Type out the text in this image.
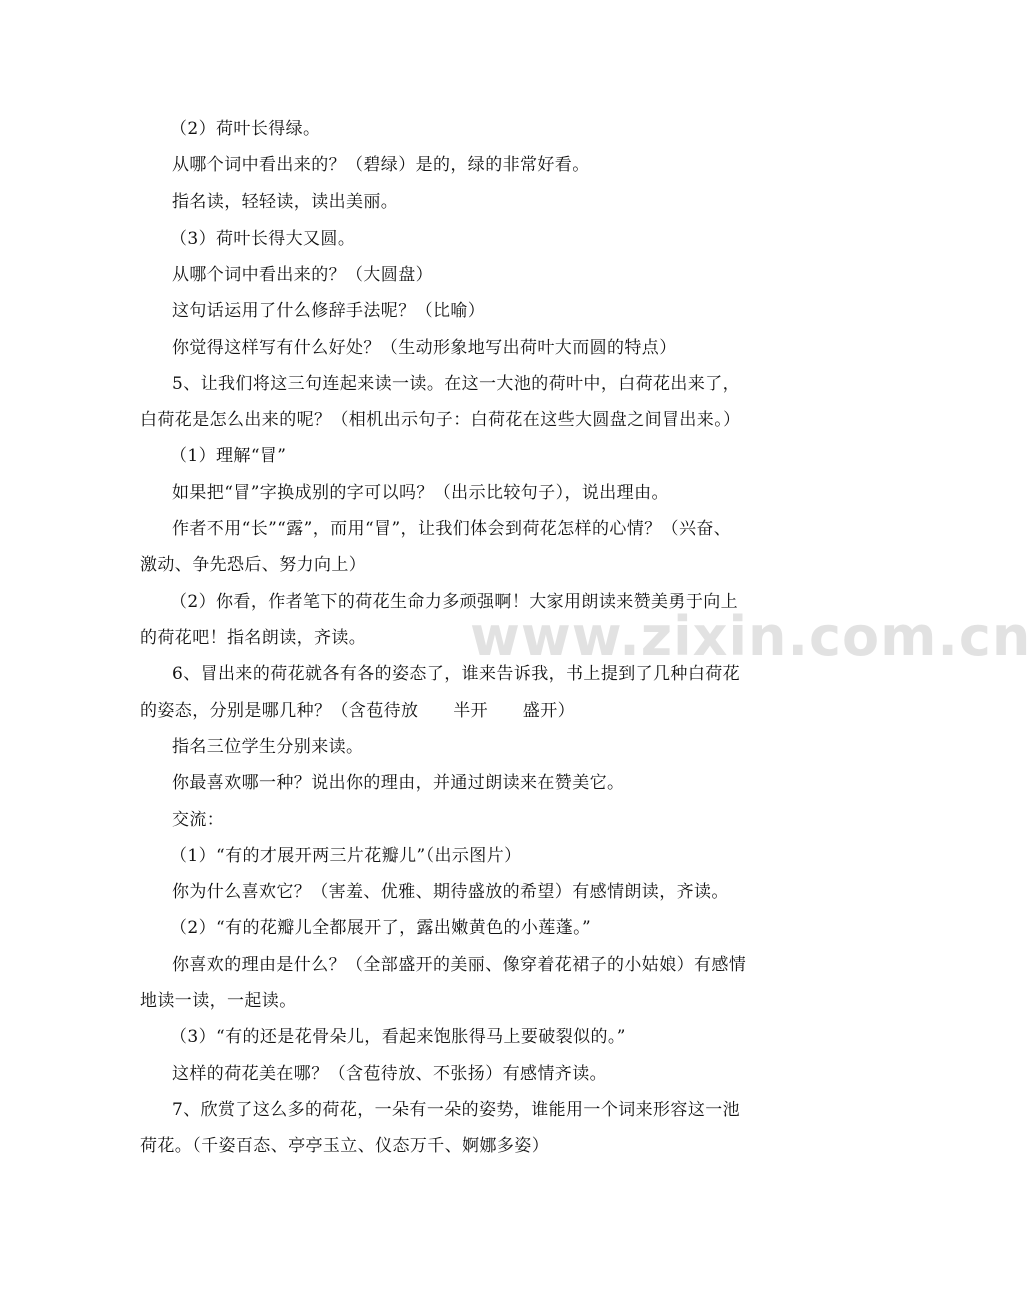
www.zixin.com.cn
（2）荷叶长得绿。
从哪个词中看出来的？（碧绿）是的，绿的非常好看。
指名读，轻轻读，读出美丽。
（3）荷叶长得大又圆。
从哪个词中看出来的？（大圆盘）
这句话运用了什么修辞手法呢？（比喻）
你觉得这样写有什么好处？（生动形象地写出荷叶大而圆的特点）
5、让我们将这三句连起来读一读。在这一大池的荷叶中，白荷花出来了，
白荷花是怎么出来的呢？（相机出示句子：白荷花在这些大圆盘之间冒出来。）
（1）理解“冒”
如果把“冒”字换成别的字可以吗？（出示比较句子），说出理由。
作者不用“长”“露”，而用“冒”，让我们体会到荷花怎样的心情？（兴奋、
激动、争先恐后、努力向上）
（2）你看，作者笔下的荷花生命力多顽强啊！大家用朗读来赞美勇于向上
的荷花吧！指名朗读，齐读。
6、冒出来的荷花就各有各的姿态了，谁来告诉我，书上提到了几种白荷花
的姿态，分别是哪几种？（含苞待放　　半开　　盛开）
指名三位学生分别来读。
你最喜欢哪一种？说出你的理由，并通过朗读来在赞美它。
交流：
（1）“有的才展开两三片花瓣儿”（出示图片）
你为什么喜欢它？（害羞、优雅、期待盛放的希望）有感情朗读，齐读。
（2）“有的花瓣儿全都展开了，露出嫩黄色的小莲蓬。”
你喜欢的理由是什么？（全部盛开的美丽、像穿着花裙子的小姑娘）有感情
地读一读，一起读。
（3）“有的还是花骨朵儿，看起来饱胀得马上要破裂似的。”
这样的荷花美在哪？（含苞待放、不张扬）有感情齐读。
7、欣赏了这么多的荷花，一朵有一朵的姿势，谁能用一个词来形容这一池
荷花。（千姿百态、亭亭玉立、仪态万千、婀娜多姿）
